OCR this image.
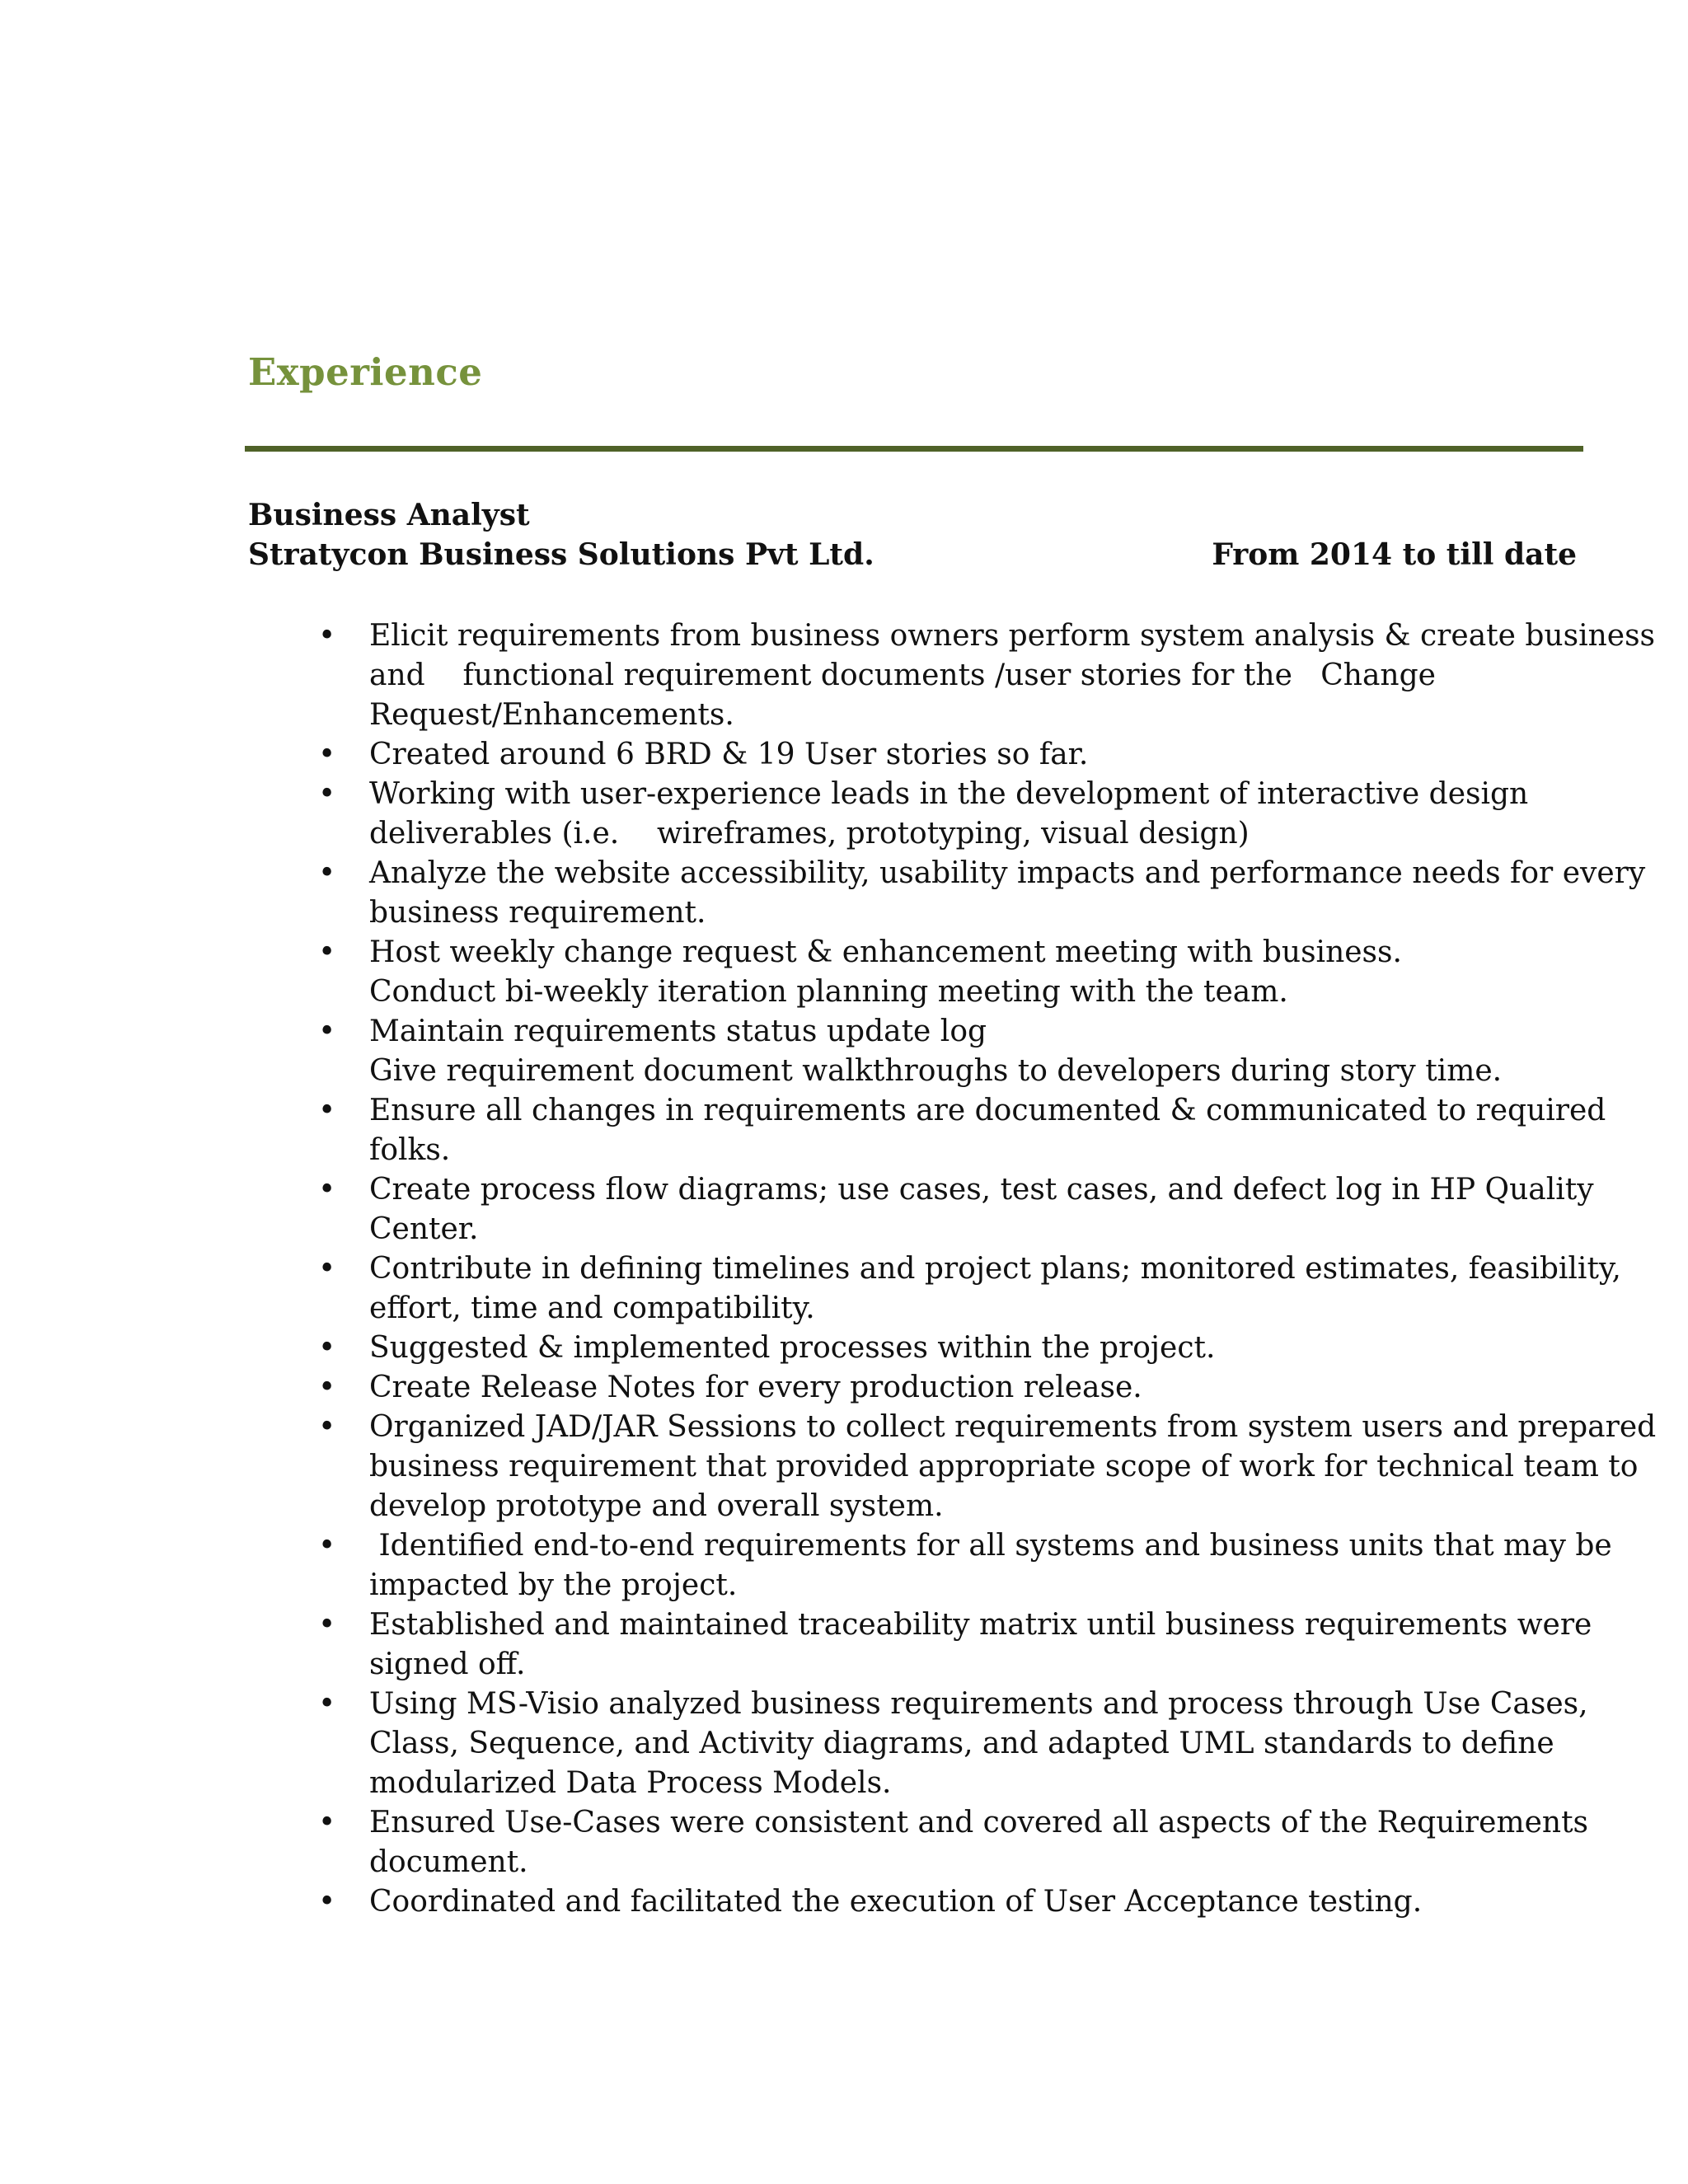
Experience
Business Analyst
Stratycon Business Solutions Pvt Ltd.	From 2014 to till date
• Elicit requirements from business owners perform system analysis & create business
and    functional requirement documents /user stories for the   Change
Request/Enhancements.
• Created around 6 BRD & 19 User stories so far.
• Working with user-experience leads in the development of interactive design
deliverables (i.e.    wireframes, prototyping, visual design)
• Analyze the website accessibility, usability impacts and performance needs for every
business requirement.
• Host weekly change request & enhancement meeting with business.
Conduct bi-weekly iteration planning meeting with the team.
• Maintain requirements status update log
Give requirement document walkthroughs to developers during story time.
• Ensure all changes in requirements are documented & communicated to required
folks.
• Create process flow diagrams; use cases, test cases, and defect log in HP Quality
Center.
• Contribute in defining timelines and project plans; monitored estimates, feasibility,
effort, time and compatibility.
• Suggested & implemented processes within the project.
• Create Release Notes for every production release.
• Organized JAD/JAR Sessions to collect requirements from system users and prepared
business requirement that provided appropriate scope of work for technical team to
develop prototype and overall system.
• Identified end-to-end requirements for all systems and business units that may be
impacted by the project.
• Established and maintained traceability matrix until business requirements were
signed off.
• Using MS-Visio analyzed business requirements and process through Use Cases,
Class, Sequence, and Activity diagrams, and adapted UML standards to define
modularized Data Process Models.
• Ensured Use-Cases were consistent and covered all aspects of the Requirements
document.
• Coordinated and facilitated the execution of User Acceptance testing.
